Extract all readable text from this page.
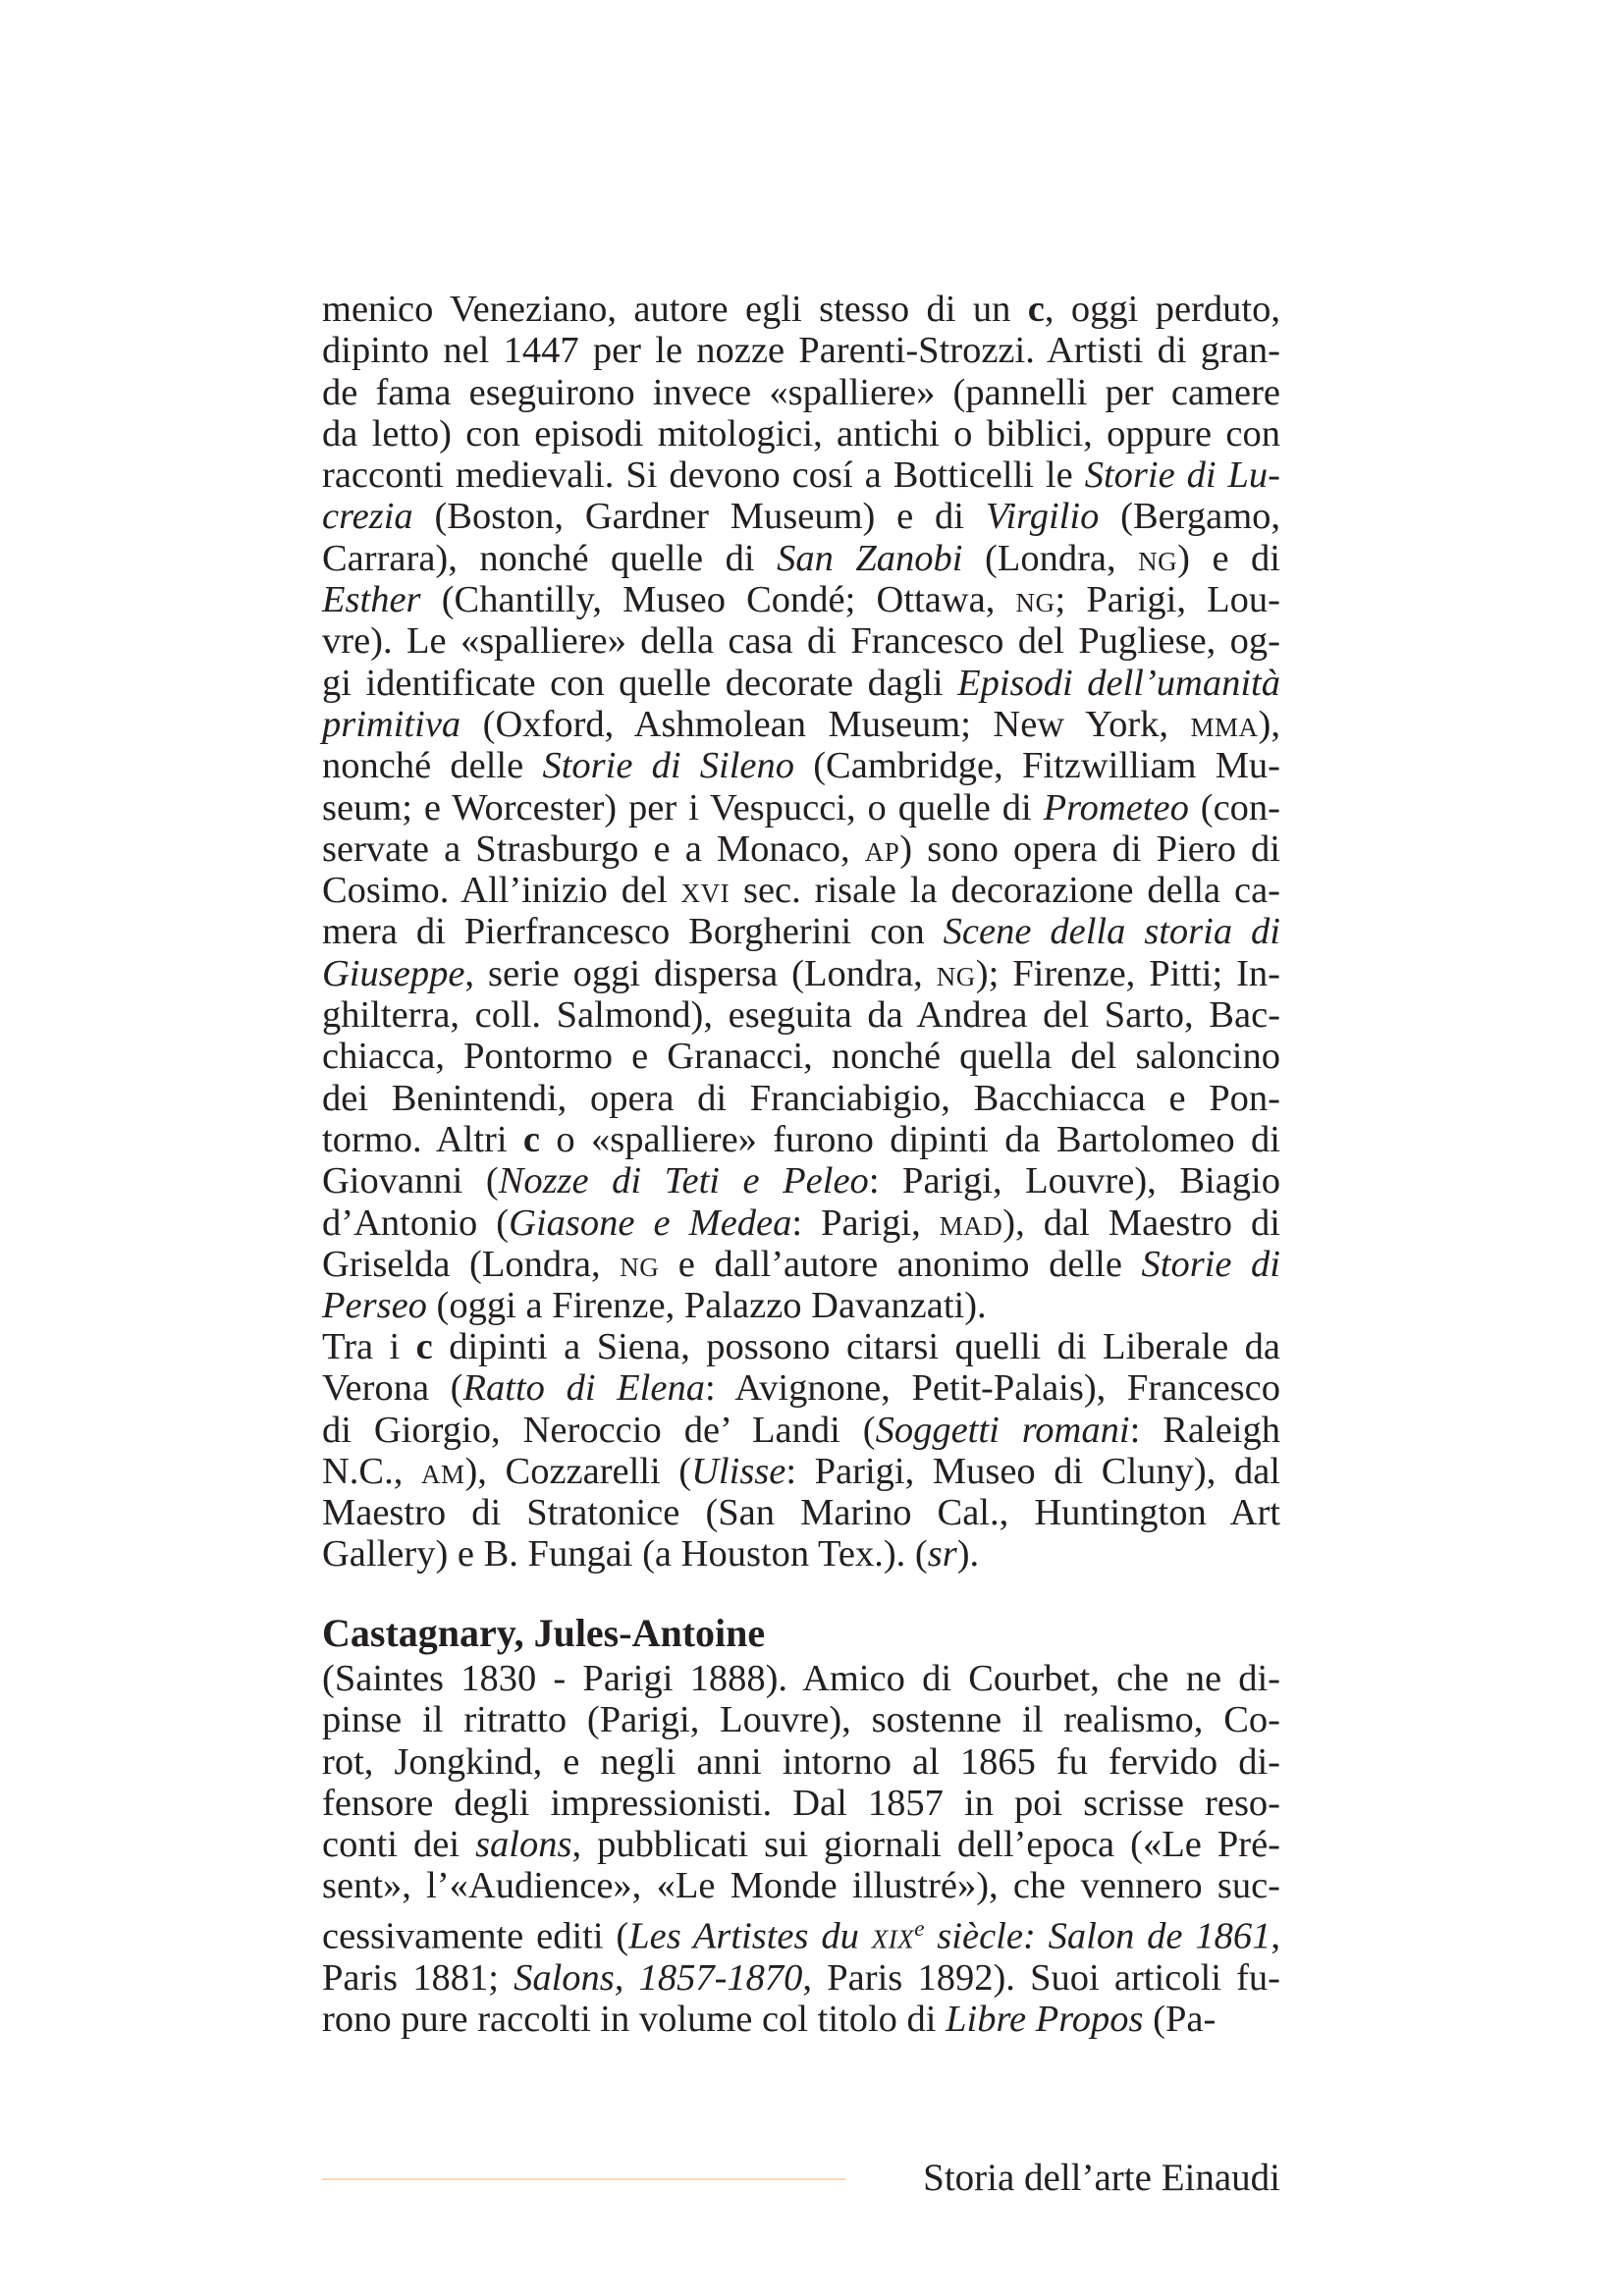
menico Veneziano, autore egli stesso di un c, oggi perduto,
dipinto nel 1447 per le nozze Parenti-Strozzi. Artisti di gran-
de fama eseguirono invece «spalliere» (pannelli per camere
da letto) con episodi mitologici, antichi o biblici, oppure con
racconti medievali. Si devono cosí a Botticelli le Storie di Lu-
crezia (Boston, Gardner Museum) e di Virgilio (Bergamo,
Carrara), nonché quelle di San Zanobi (Londra, ng) e di
Esther (Chantilly, Museo Condé; Ottawa, ng; Parigi, Lou-
vre). Le «spalliere» della casa di Francesco del Pugliese, og-
gi identificate con quelle decorate dagli Episodi dell’umanità
primitiva (Oxford, Ashmolean Museum; New York, mma),
nonché delle Storie di Sileno (Cambridge, Fitzwilliam Mu-
seum; e Worcester) per i Vespucci, o quelle di Prometeo (con-
servate a Strasburgo e a Monaco, ap) sono opera di Piero di
Cosimo. All’inizio del xvi sec. risale la decorazione della ca-
mera di Pierfrancesco Borgherini con Scene della storia di
Giuseppe, serie oggi dispersa (Londra, ng); Firenze, Pitti; In-
ghilterra, coll. Salmond), eseguita da Andrea del Sarto, Bac-
chiacca, Pontormo e Granacci, nonché quella del saloncino
dei Benintendi, opera di Franciabigio, Bacchiacca e Pon-
tormo. Altri c o «spalliere» furono dipinti da Bartolomeo di
Giovanni (Nozze di Teti e Peleo: Parigi, Louvre), Biagio
d’Antonio (Giasone e Medea: Parigi, mad), dal Maestro di
Griselda (Londra, ng e dall’autore anonimo delle Storie di
Perseo (oggi a Firenze, Palazzo Davanzati).
Tra i c dipinti a Siena, possono citarsi quelli di Liberale da
Verona (Ratto di Elena: Avignone, Petit-Palais), Francesco
di Giorgio, Neroccio de’ Landi (Soggetti romani: Raleigh
N.C., am), Cozzarelli (Ulisse: Parigi, Museo di Cluny), dal
Maestro di Stratonice (San Marino Cal., Huntington Art
Gallery) e B. Fungai (a Houston Tex.). (sr).
Castagnary, Jules-Antoine
(Saintes 1830 - Parigi 1888). Amico di Courbet, che ne di-
pinse il ritratto (Parigi, Louvre), sostenne il realismo, Co-
rot, Jongkind, e negli anni intorno al 1865 fu fervido di-
fensore degli impressionisti. Dal 1857 in poi scrisse reso-
conti dei salons, pubblicati sui giornali dell’epoca («Le Pré-
sent», l’«Audience», «Le Monde illustré»), che vennero suc-
cessivamente editi (Les Artistes du xix$^e$ siècle: Salon de 1861,
Paris 1881; Salons, 1857-1870, Paris 1892). Suoi articoli fu-
rono pure raccolti in volume col titolo di Libre Propos (Pa-
Storia dell’arte Einaudi
